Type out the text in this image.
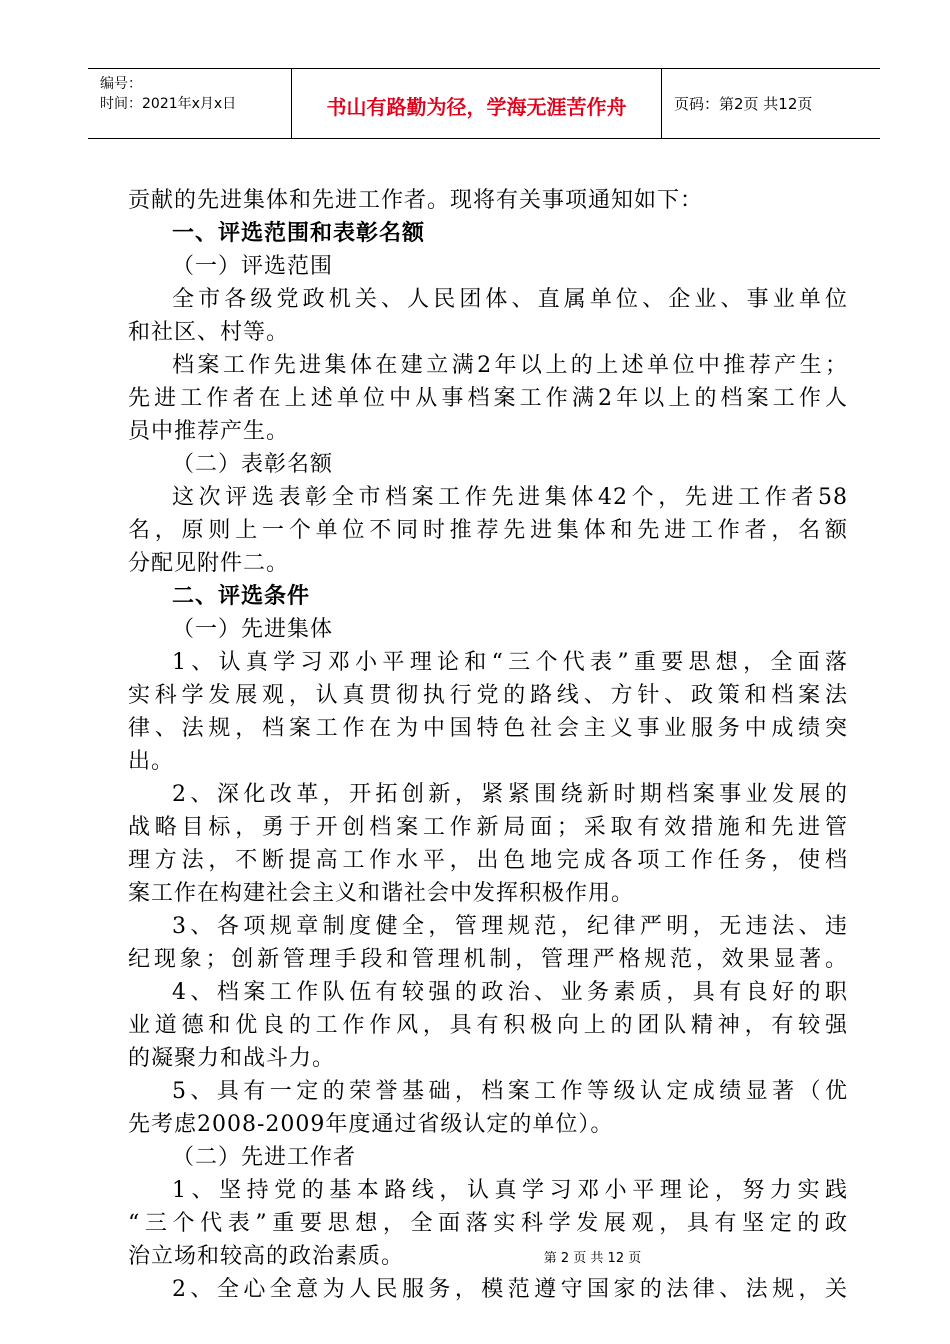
编号：
时间：2021年x月x日	书山有路勤为径，学海无涯苦作舟	页码：第2页 共12页
贡献的先进集体和先进工作者。现将有关事项通知如下：
一、评选范围和表彰名额
（一）评选范围
全市各级党政机关、人民团体、直属单位、企业、事业单位
和社区、村等。
档案工作先进集体在建立满2年以上的上述单位中推荐产生；
先进工作者在上述单位中从事档案工作满2年以上的档案工作人
员中推荐产生。
（二）表彰名额
这次评选表彰全市档案工作先进集体42个，先进工作者58
名，原则上一个单位不同时推荐先进集体和先进工作者，名额
分配见附件二。
二、评选条件
（一）先进集体
1、认真学习邓小平理论和“三个代表”重要思想，全面落
实科学发展观，认真贯彻执行党的路线、方针、政策和档案法
律、法规，档案工作在为中国特色社会主义事业服务中成绩突
出。
2、深化改革，开拓创新，紧紧围绕新时期档案事业发展的
战略目标，勇于开创档案工作新局面；采取有效措施和先进管
理方法，不断提高工作水平，出色地完成各项工作任务，使档
案工作在构建社会主义和谐社会中发挥积极作用。
3、各项规章制度健全，管理规范，纪律严明，无违法、违
纪现象；创新管理手段和管理机制，管理严格规范，效果显著。
4、档案工作队伍有较强的政治、业务素质，具有良好的职
业道德和优良的工作作风，具有积极向上的团队精神，有较强
的凝聚力和战斗力。
5、具有一定的荣誉基础，档案工作等级认定成绩显著（优
先考虑2008-2009年度通过省级认定的单位）。
（二）先进工作者
1、坚持党的基本路线，认真学习邓小平理论，努力实践
“三个代表”重要思想，全面落实科学发展观，具有坚定的政
治立场和较高的政治素质。
2、全心全意为人民服务，模范遵守国家的法律、法规，关
第 2 页 共 12 页
